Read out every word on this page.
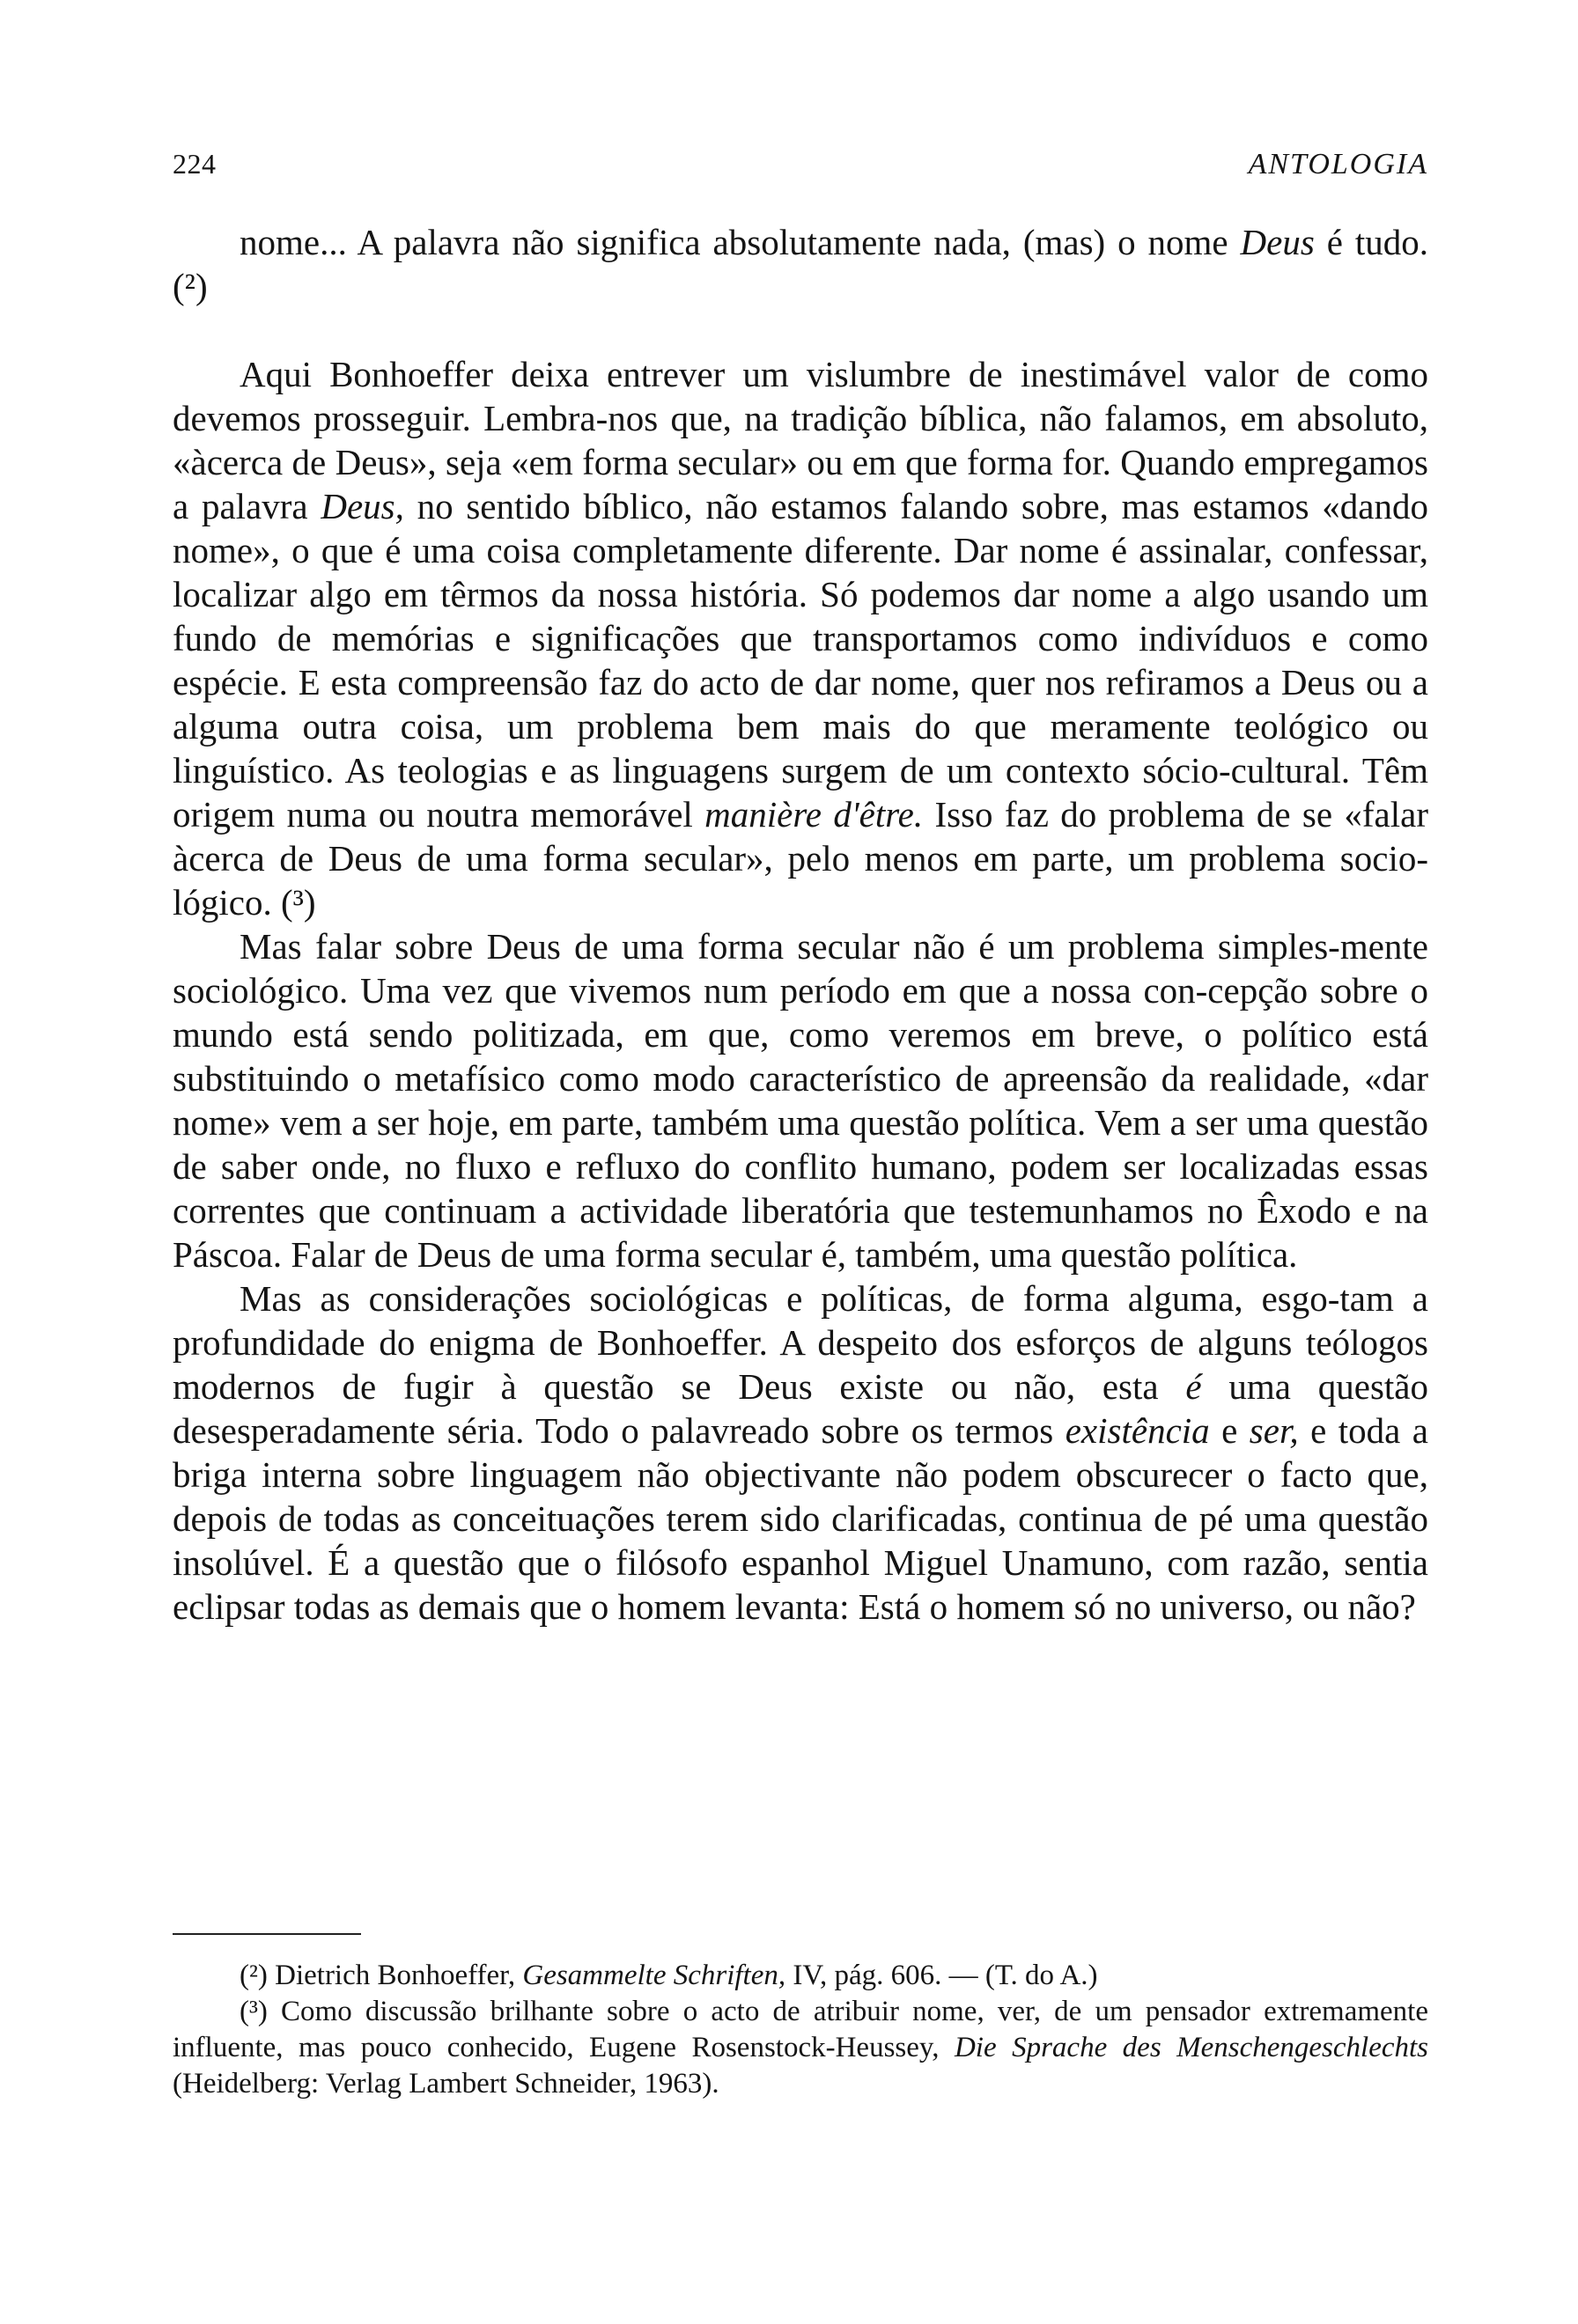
224	ANTOLOGIA

nome... A palavra não significa absolutamente nada, (mas) o nome Deus é tudo. (²)

Aqui Bonhoeffer deixa entrever um vislumbre de inestimável valor de como devemos prosseguir. Lembra-nos que, na tradição bíblica, não falamos, em absoluto, «àcerca de Deus», seja «em forma secular» ou em que forma for. Quando empregamos a palavra Deus, no sentido bíblico, não estamos falando sobre, mas estamos «dando nome», o que é uma coisa completamente diferente. Dar nome é assinalar, confessar, localizar algo em têrmos da nossa história. Só podemos dar nome a algo usando um fundo de memórias e significações que transportamos como indivíduos e como espécie. E esta compreensão faz do acto de dar nome, quer nos refiramos a Deus ou a alguma outra coisa, um problema bem mais do que meramente teológico ou linguístico. As teologias e as linguagens surgem de um contexto sócio-cultural. Têm origem numa ou noutra memorável manière d'être. Isso faz do problema de se «falar àcerca de Deus de uma forma secular», pelo menos em parte, um problema socio-lógico. (³)

Mas falar sobre Deus de uma forma secular não é um problema simples-mente sociológico. Uma vez que vivemos num período em que a nossa con-cepção sobre o mundo está sendo politizada, em que, como veremos em breve, o político está substituindo o metafísico como modo característico de apreensão da realidade, «dar nome» vem a ser hoje, em parte, também uma questão política. Vem a ser uma questão de saber onde, no fluxo e refluxo do conflito humano, podem ser localizadas essas correntes que continuam a actividade liberatória que testemunhamos no Êxodo e na Páscoa. Falar de Deus de uma forma secular é, também, uma questão política.

Mas as considerações sociológicas e políticas, de forma alguma, esgo-tam a profundidade do enigma de Bonhoeffer. A despeito dos esforços de alguns teólogos modernos de fugir à questão se Deus existe ou não, esta é uma questão desesperadamente séria. Todo o palavreado sobre os termos existência e ser, e toda a briga interna sobre linguagem não objectivante não podem obscurecer o facto que, depois de todas as conceituações terem sido clarificadas, continua de pé uma questão insolúvel. É a questão que o filósofo espanhol Miguel Unamuno, com razão, sentia eclipsar todas as demais que o homem levanta: Está o homem só no universo, ou não?

(²) Dietrich Bonhoeffer, Gesammelte Schriften, IV, pág. 606. — (T. do A.)

(³) Como discussão brilhante sobre o acto de atribuir nome, ver, de um pensador extremamente influente, mas pouco conhecido, Eugene Rosenstock-Heussey, Die Sprache des Menschengeschlechts (Heidelberg: Verlag Lambert Schneider, 1963).
